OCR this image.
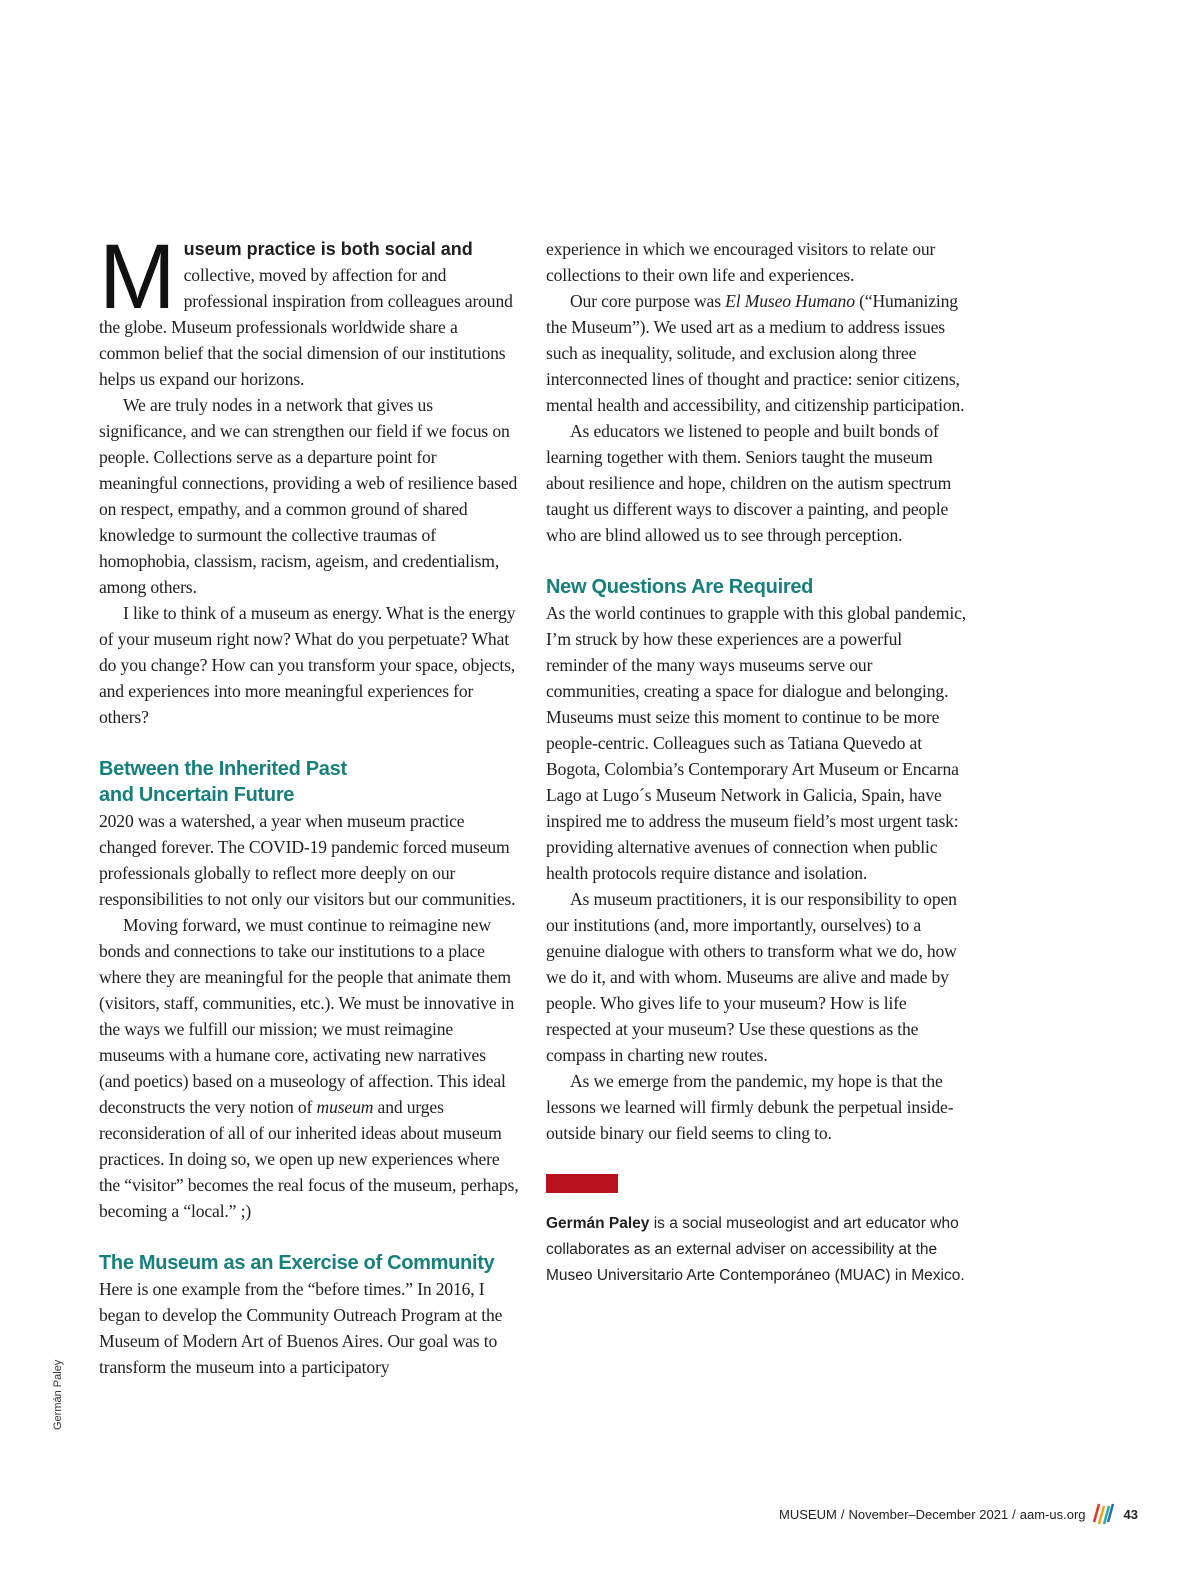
M useum practice is both social and collective, moved by affection for and professional inspiration from colleagues around the globe. Museum professionals worldwide share a common belief that the social dimension of our institutions helps us expand our horizons.

We are truly nodes in a network that gives us significance, and we can strengthen our field if we focus on people. Collections serve as a departure point for meaningful connections, providing a web of resilience based on respect, empathy, and a common ground of shared knowledge to surmount the collective traumas of homophobia, classism, racism, ageism, and credentialism, among others.

I like to think of a museum as energy. What is the energy of your museum right now? What do you perpetuate? What do you change? How can you transform your space, objects, and experiences into more meaningful experiences for others?

Between the Inherited Past
and Uncertain Future

2020 was a watershed, a year when museum practice changed forever. The COVID-19 pandemic forced museum professionals globally to reflect more deeply on our responsibilities to not only our visitors but our communities.

Moving forward, we must continue to reimagine new bonds and connections to take our institutions to a place where they are meaningful for the people that animate them (visitors, staff, communities, etc.). We must be innovative in the ways we fulfill our mission; we must reimagine museums with a humane core, activating new narratives (and poetics) based on a museology of affection. This ideal deconstructs the very notion of museum and urges reconsideration of all of our inherited ideas about museum practices. In doing so, we open up new experiences where the “visitor” becomes the real focus of the museum, perhaps, becoming a “local.” ;)

The Museum as an Exercise of Community

Here is one example from the “before times.” In 2016, I began to develop the Community Outreach Program at the Museum of Modern Art of Buenos Aires. Our goal was to transform the museum into a participatory

experience in which we encouraged visitors to relate our collections to their own life and experiences.

Our core purpose was El Museo Humano (“Humanizing the Museum”). We used art as a medium to address issues such as inequality, solitude, and exclusion along three interconnected lines of thought and practice: senior citizens, mental health and accessibility, and citizenship participation.

As educators we listened to people and built bonds of learning together with them. Seniors taught the museum about resilience and hope, children on the autism spectrum taught us different ways to discover a painting, and people who are blind allowed us to see through perception.

New Questions Are Required

As the world continues to grapple with this global pandemic, I’m struck by how these experiences are a powerful reminder of the many ways museums serve our communities, creating a space for dialogue and belonging. Museums must seize this moment to continue to be more people-centric. Colleagues such as Tatiana Quevedo at Bogota, Colombia’s Contemporary Art Museum or Encarna Lago at Lugo´s Museum Network in Galicia, Spain, have inspired me to address the museum field’s most urgent task: providing alternative avenues of connection when public health protocols require distance and isolation.

As museum practitioners, it is our responsibility to open our institutions (and, more importantly, ourselves) to a genuine dialogue with others to transform what we do, how we do it, and with whom. Museums are alive and made by people. Who gives life to your museum? How is life respected at your museum? Use these questions as the compass in charting new routes.

As we emerge from the pandemic, my hope is that the lessons we learned will firmly debunk the perpetual inside-outside binary our field seems to cling to.

Germán Paley is a social museologist and art educator who collaborates as an external adviser on accessibility at the Museo Universitario Arte Contemporáneo (MUAC) in Mexico.
Germán Paley
MUSEUM / November–December 2021 / aam-us.org	43
